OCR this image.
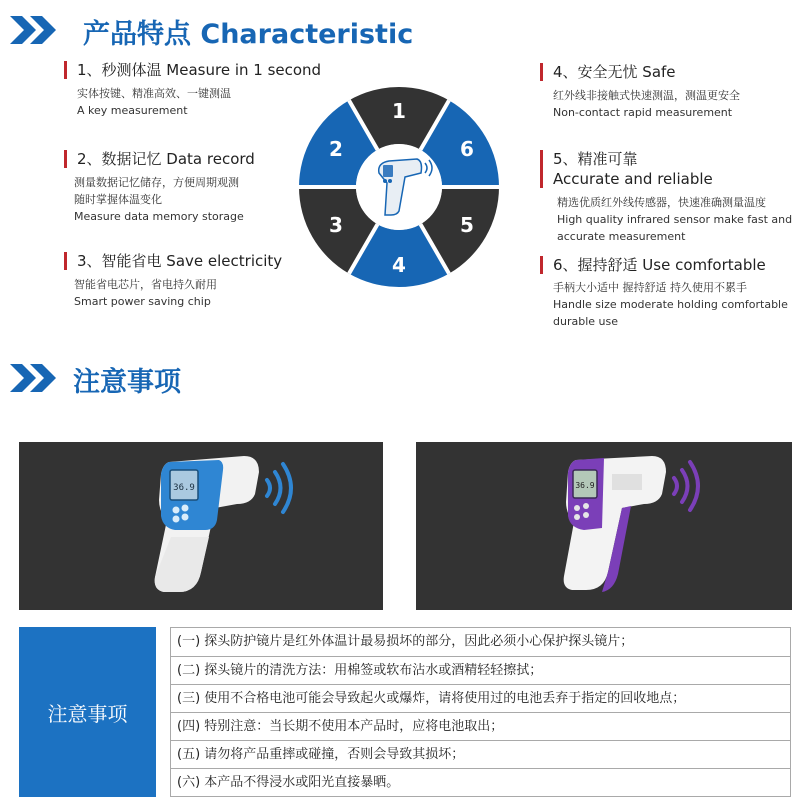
产品特点 Characteristic
1、秒测体温 Measure in 1 second
实体按键、精准高效、一键测温
A key measurement
2、数据记忆 Data record
测量数据记忆储存，方便周期观测
随时掌握体温变化
Measure data memory storage
3、智能省电 Save electricity
智能省电芯片，省电持久耐用
Smart power saving chip
4、安全无忧 Safe
红外线非接触式快速测温，测温更安全
Non-contact rapid measurement
5、精准可靠
Accurate and reliable
精选优质红外线传感器，快速准确测量温度
High quality infrared sensor make fast and
accurate measurement
6、握持舒适 Use comfortable
手柄大小适中 握持舒适 持久使用不累手
Handle size moderate holding comfortable
durable use
1
6
5
4
3
2
注意事项
36.9	36.9
注意事项
(一) 探头防护镜片是红外体温计最易损坏的部分，因此必须小心保护探头镜片；
(二) 探头镜片的清洗方法：用棉签或软布沾水或酒精轻轻擦拭；
(三) 使用不合格电池可能会导致起火或爆炸，请将使用过的电池丢弃于指定的回收地点；
(四) 特别注意：当长期不使用本产品时，应将电池取出；
(五) 请勿将产品重摔或碰撞，否则会导致其损坏；
(六) 本产品不得浸水或阳光直接暴晒。
